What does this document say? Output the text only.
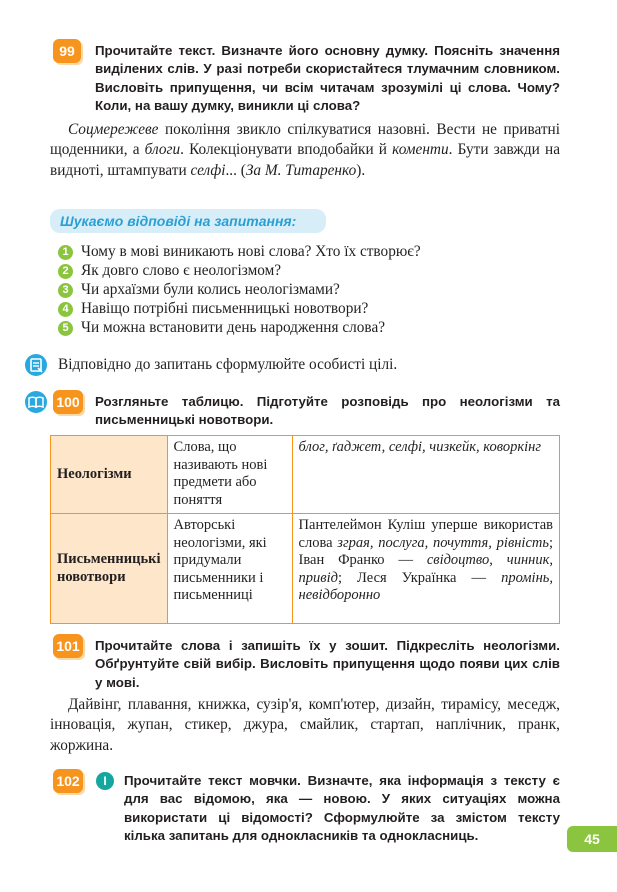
99	Прочитайте текст. Визначте його основну думку. Поясніть значення виділених слів. У разі потреби скористайтеся тлумачним словником. Висловіть припущення, чи всім читачам зрозумілі ці слова. Чому? Коли, на вашу думку, виникли ці слова?
Соцмережеве покоління звикло спілкуватися назовні. Вести не приватні щоденники, а блоги. Колекціонувати вподобайки й коменти. Бути завжди на видноті, штампувати селфі... (За М. Титаренко).
Шукаємо відповіді на запитання:
1 Чому в мові виникають нові слова? Хто їх створює?
2 Як довго слово є неологізмом?
3 Чи архаїзми були колись неологізмами?
4 Навіщо потрібні письменницькі новотвори?
5 Чи можна встановити день народження слова?
Відповідно до запитань сформулюйте особисті цілі.
100 Розгляньте таблицю. Підготуйте розповідь про неологізми та письменницькі новотвори.
Неологізми	Слова, що називають нові предмети або поняття	блог, ґаджет, селфі, чизкейк, коворкінг
Письменницькі новотвори	Авторські неологізми, які придумали письменники і письменниці	Пантелеймон Куліш уперше використав слова зграя, послуга, почуття, рівність; Іван Франко — свідоцтво, чинник, привід; Леся Українка — промінь, невідборонно
101 Прочитайте слова і запишіть їх у зошит. Підкресліть неологізми. Обґрунтуйте свій вибір. Висловіть припущення щодо появи цих слів у мові.
Дайвінг, плавання, книжка, сузір'я, комп'ютер, дизайн, тирамісу, меседж, інновація, жупан, стикер, джура, смайлик, стартап, наплічник, пранк, жоржина.
102	І	Прочитайте текст мовчки. Визначте, яка інформація з тексту є для вас відомою, яка — новою. У яких ситуаціях можна використати ці відомості? Сформулюйте за змістом тексту кілька запитань для однокласників та однокласниць.	45
